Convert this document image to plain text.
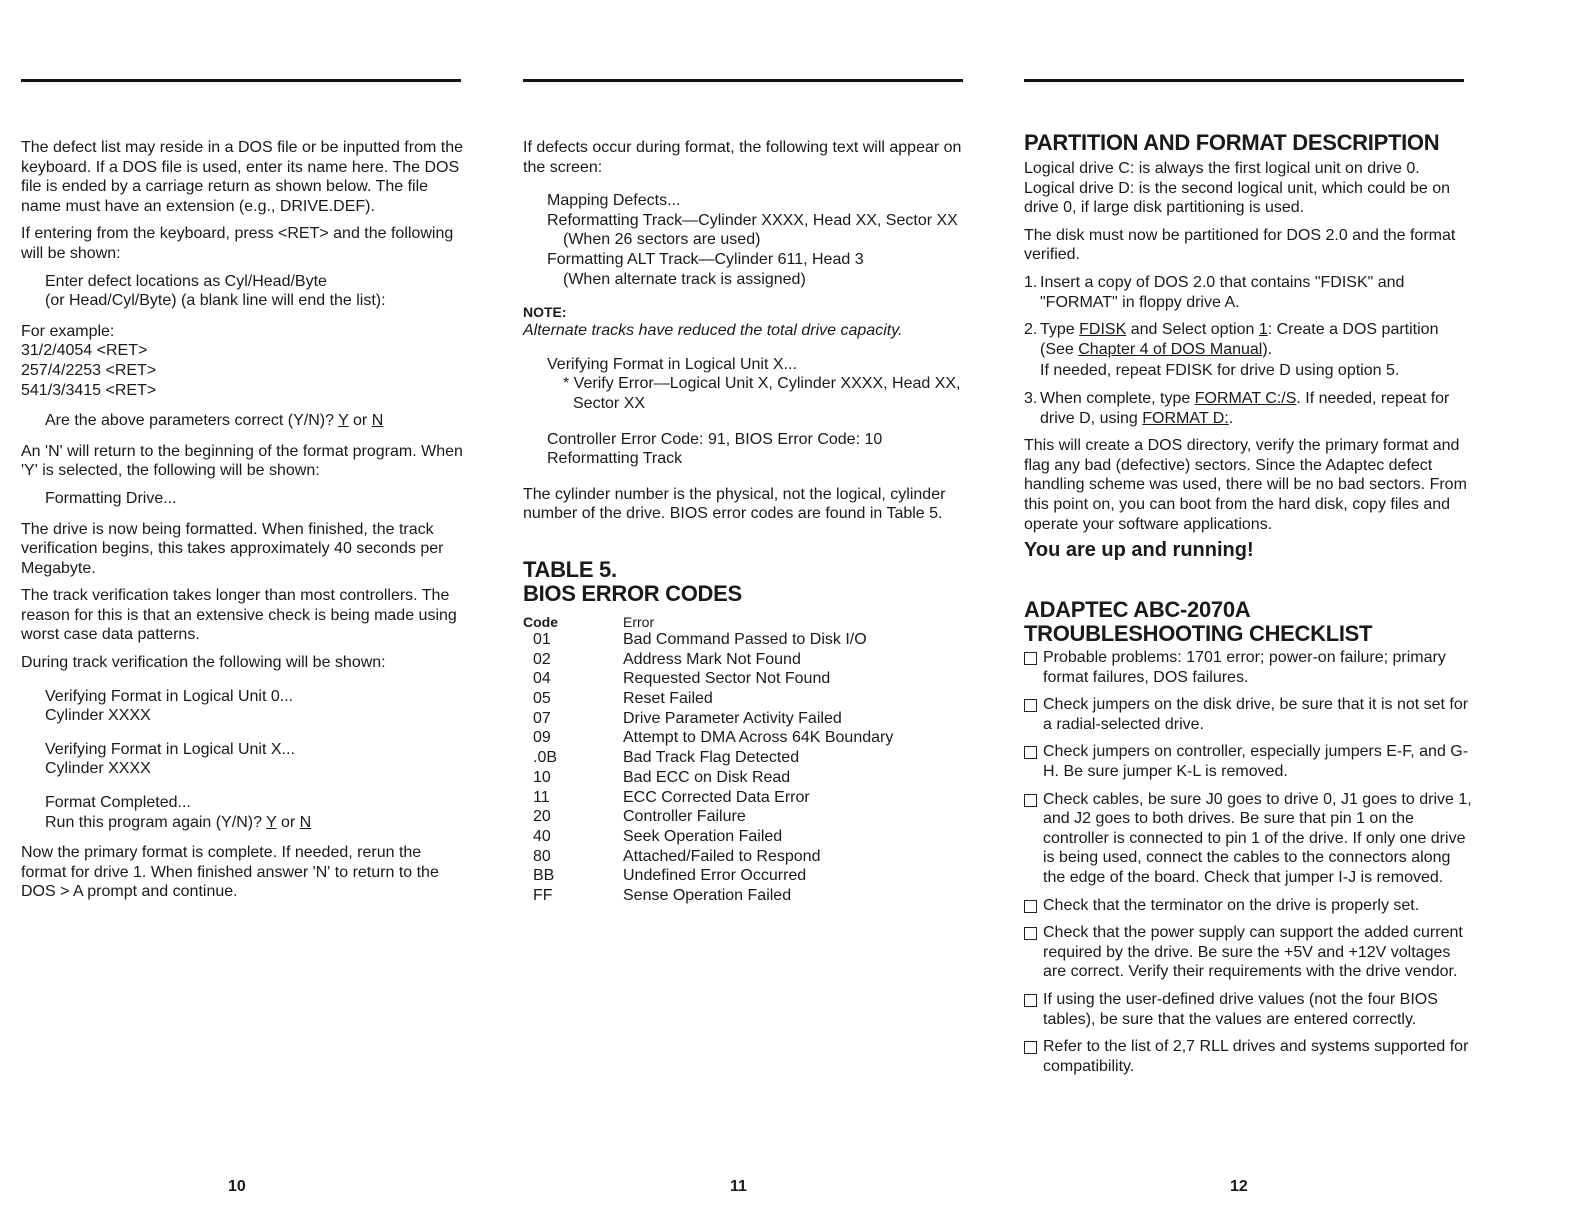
The defect list may reside in a DOS file or be inputted from the keyboard. If a DOS file is used, enter its name here. The DOS file is ended by a carriage return as shown below. The file name must have an extension (e.g., DRIVE.DEF).

If entering from the keyboard, press <RET> and the following will be shown:

Enter defect locations as Cyl/Head/Byte
(or Head/Cyl/Byte) (a blank line will end the list):
For example:
31/2/4054 <RET>
257/4/2253 <RET>
541/3/3415 <RET>
Are the above parameters correct (Y/N)? Y or N

An 'N' will return to the beginning of the format program. When 'Y' is selected, the following will be shown:

Formatting Drive...

The drive is now being formatted. When finished, the track verification begins, this takes approximately 40 seconds per Megabyte.

The track verification takes longer than most controllers. The reason for this is that an extensive check is being made using worst case data patterns.

During track verification the following will be shown:

Verifying Format in Logical Unit 0...
Cylinder XXXX
Verifying Format in Logical Unit X...
Cylinder XXXX
Format Completed...
Run this program again (Y/N)? Y or N

Now the primary format is complete. If needed, rerun the format for drive 1. When finished answer 'N' to return to the DOS > A prompt and continue.

10

If defects occur during format, the following text will appear on the screen:

Mapping Defects...
Reformatting Track—Cylinder XXXX, Head XX, Sector XX
(When 26 sectors are used)
Formatting ALT Track—Cylinder 611, Head 3
(When alternate track is assigned)
NOTE:

Alternate tracks have reduced the total drive capacity.

Verifying Format in Logical Unit X...
* Verify Error—Logical Unit X, Cylinder XXXX, Head XX,
Sector XX
Controller Error Code: 91, BIOS Error Code: 10
Reformatting Track

The cylinder number is the physical, not the logical, cylinder number of the drive. BIOS error codes are found in Table 5.

TABLE 5.
BIOS ERROR CODES
Code	Error
01	Bad Command Passed to Disk I/O
02	Address Mark Not Found
04	Requested Sector Not Found
05	Reset Failed
07	Drive Parameter Activity Failed
09	Attempt to DMA Across 64K Boundary
.0B	Bad Track Flag Detected
10	Bad ECC on Disk Read
11	ECC Corrected Data Error
20	Controller Failure
40	Seek Operation Failed
80	Attached/Failed to Respond
BB	Undefined Error Occurred
FF	Sense Operation Failed
11
PARTITION AND FORMAT DESCRIPTION

Logical drive C: is always the first logical unit on drive 0. Logical drive D: is the second logical unit, which could be on drive 0, if large disk partitioning is used.

The disk must now be partitioned for DOS 2.0 and the format verified.

1. Insert a copy of DOS 2.0 that contains "FDISK" and "FORMAT" in floppy drive A.
2. Type FDISK and Select option 1: Create a DOS partition (See Chapter 4 of DOS Manual).

If needed, repeat FDISK for drive D using option 5.

3. When complete, type FORMAT C:/S. If needed, repeat for drive D, using FORMAT D:.

This will create a DOS directory, verify the primary format and flag any bad (defective) sectors. Since the Adaptec defect handling scheme was used, there will be no bad sectors. From this point on, you can boot from the hard disk, copy files and operate your software applications.

You are up and running!
ADAPTEC ABC-2070A
TROUBLESHOOTING CHECKLIST
Probable problems: 1701 error; power-on failure; primary format failures, DOS failures.
Check jumpers on the disk drive, be sure that it is not set for a radial-selected drive.
Check jumpers on controller, especially jumpers E-F, and G-H. Be sure jumper K-L is removed.
Check cables, be sure J0 goes to drive 0, J1 goes to drive 1, and J2 goes to both drives. Be sure that pin 1 on the controller is connected to pin 1 of the drive. If only one drive is being used, connect the cables to the connectors along the edge of the board. Check that jumper I-J is removed.
Check that the terminator on the drive is properly set.
Check that the power supply can support the added current required by the drive. Be sure the +5V and +12V voltages are correct. Verify their requirements with the drive vendor.
If using the user-defined drive values (not the four BIOS tables), be sure that the values are entered correctly.
Refer to the list of 2,7 RLL drives and systems supported for compatibility.
12
